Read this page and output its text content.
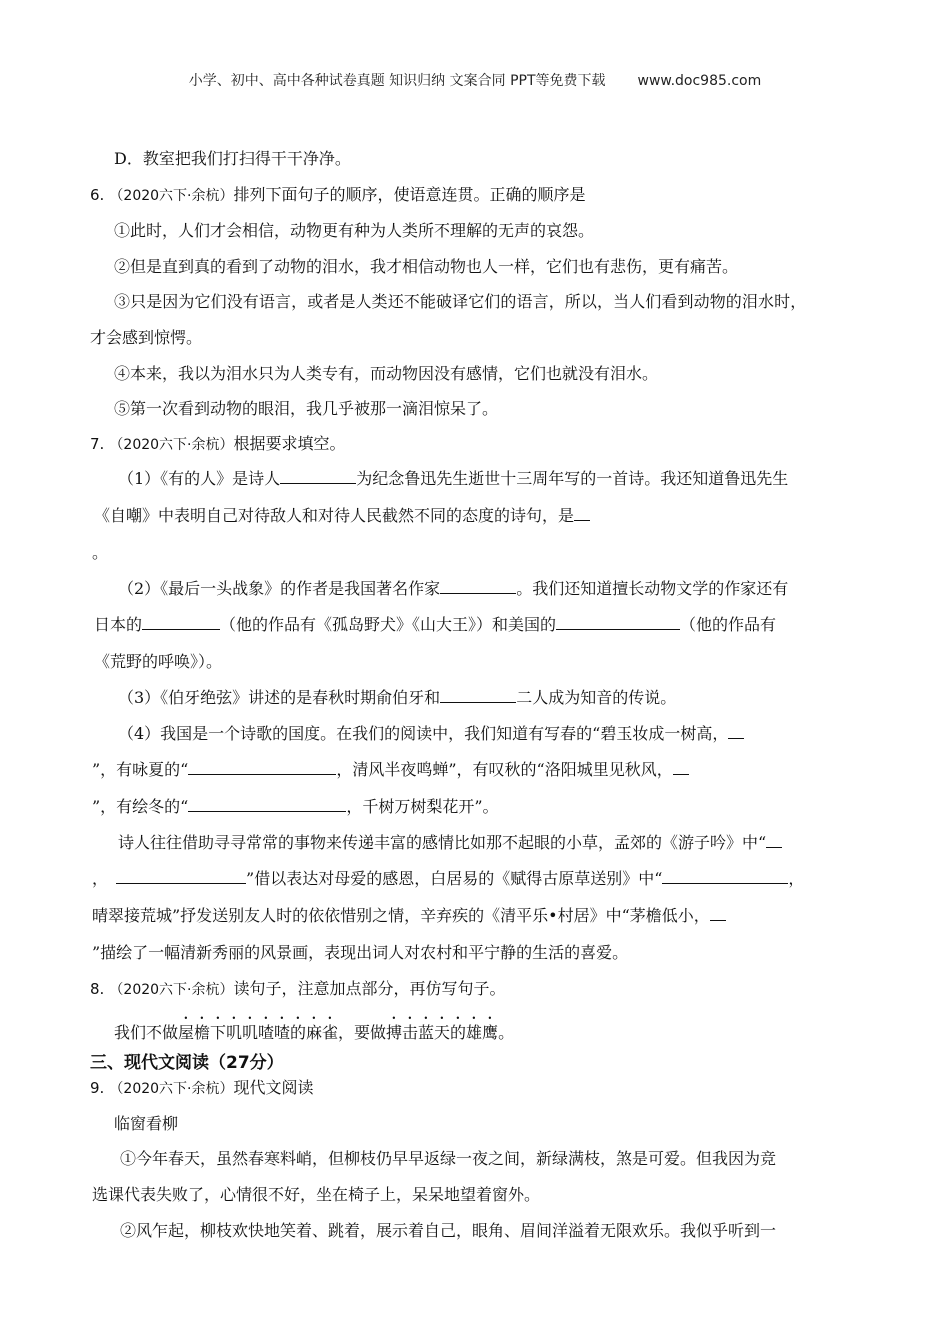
小学、初中、高中各种试卷真题 知识归纳 文案合同 PPT等免费下载 www.doc985.com
D．教室把我们打扫得干干净净。
6. （2020六下·余杭）排列下面句子的顺序，使语意连贯。正确的顺序是
①此时，人们才会相信，动物更有种为人类所不理解的无声的哀怨。
②但是直到真的看到了动物的泪水，我才相信动物也人一样，它们也有悲伤，更有痛苦。
③只是因为它们没有语言，或者是人类还不能破译它们的语言，所以，当人们看到动物的泪水时，
才会感到惊愕。
④本来，我以为泪水只为人类专有，而动物因没有感情，它们也就没有泪水。
⑤第一次看到动物的眼泪，我几乎被那一滴泪惊呆了。
7. （2020六下·余杭）根据要求填空。
（1）《有的人》是诗人	为纪念鲁迅先生逝世十三周年写的一首诗。我还知道鲁迅先生
《自嘲》中表明自己对待敌人和对待人民截然不同的态度的诗句，是
。
（2）《最后一头战象》的作者是我国著名作家	。我们还知道擅长动物文学的作家还有
日本的	（他的作品有《孤岛野犬》《山大王》）和美国的	（他的作品有
《荒野的呼唤》）。
（3）《伯牙绝弦》讲述的是春秋时期俞伯牙和	二人成为知音的传说。
（4）我国是一个诗歌的国度。在我们的阅读中，我们知道有写春的“碧玉妆成一树高，
”，有咏夏的“	，清风半夜鸣蝉”，有叹秋的“洛阳城里见秋风，
”，有绘冬的“	，千树万树梨花开”。
诗人往往借助寻寻常常的事物来传递丰富的感情比如那不起眼的小草，孟郊的《游子吟》中“
，	”借以表达对母爱的感恩，白居易的《赋得古原草送别》中“	，
晴翠接荒城”抒发送别友人时的依依惜别之情，辛弃疾的《清平乐•村居》中“茅檐低小，
”描绘了一幅清新秀丽的风景画，表现出词人对农村和平宁静的生活的喜爱。
8. （2020六下·余杭）读句子，注意加点部分，再仿写句子。
我们不做屋檐下叽叽喳喳的麻雀，要做搏击蓝天的雄鹰。
三、现代文阅读（27分）
9. （2020六下·余杭）现代文阅读
临窗看柳
①今年春天，虽然春寒料峭，但柳枝仍早早返绿一夜之间，新绿满枝，煞是可爱。但我因为竞
选课代表失败了，心情很不好，坐在椅子上，呆呆地望着窗外。
②风乍起，柳枝欢快地笑着、跳着，展示着自己，眼角、眉间洋溢着无限欢乐。我似乎听到一
